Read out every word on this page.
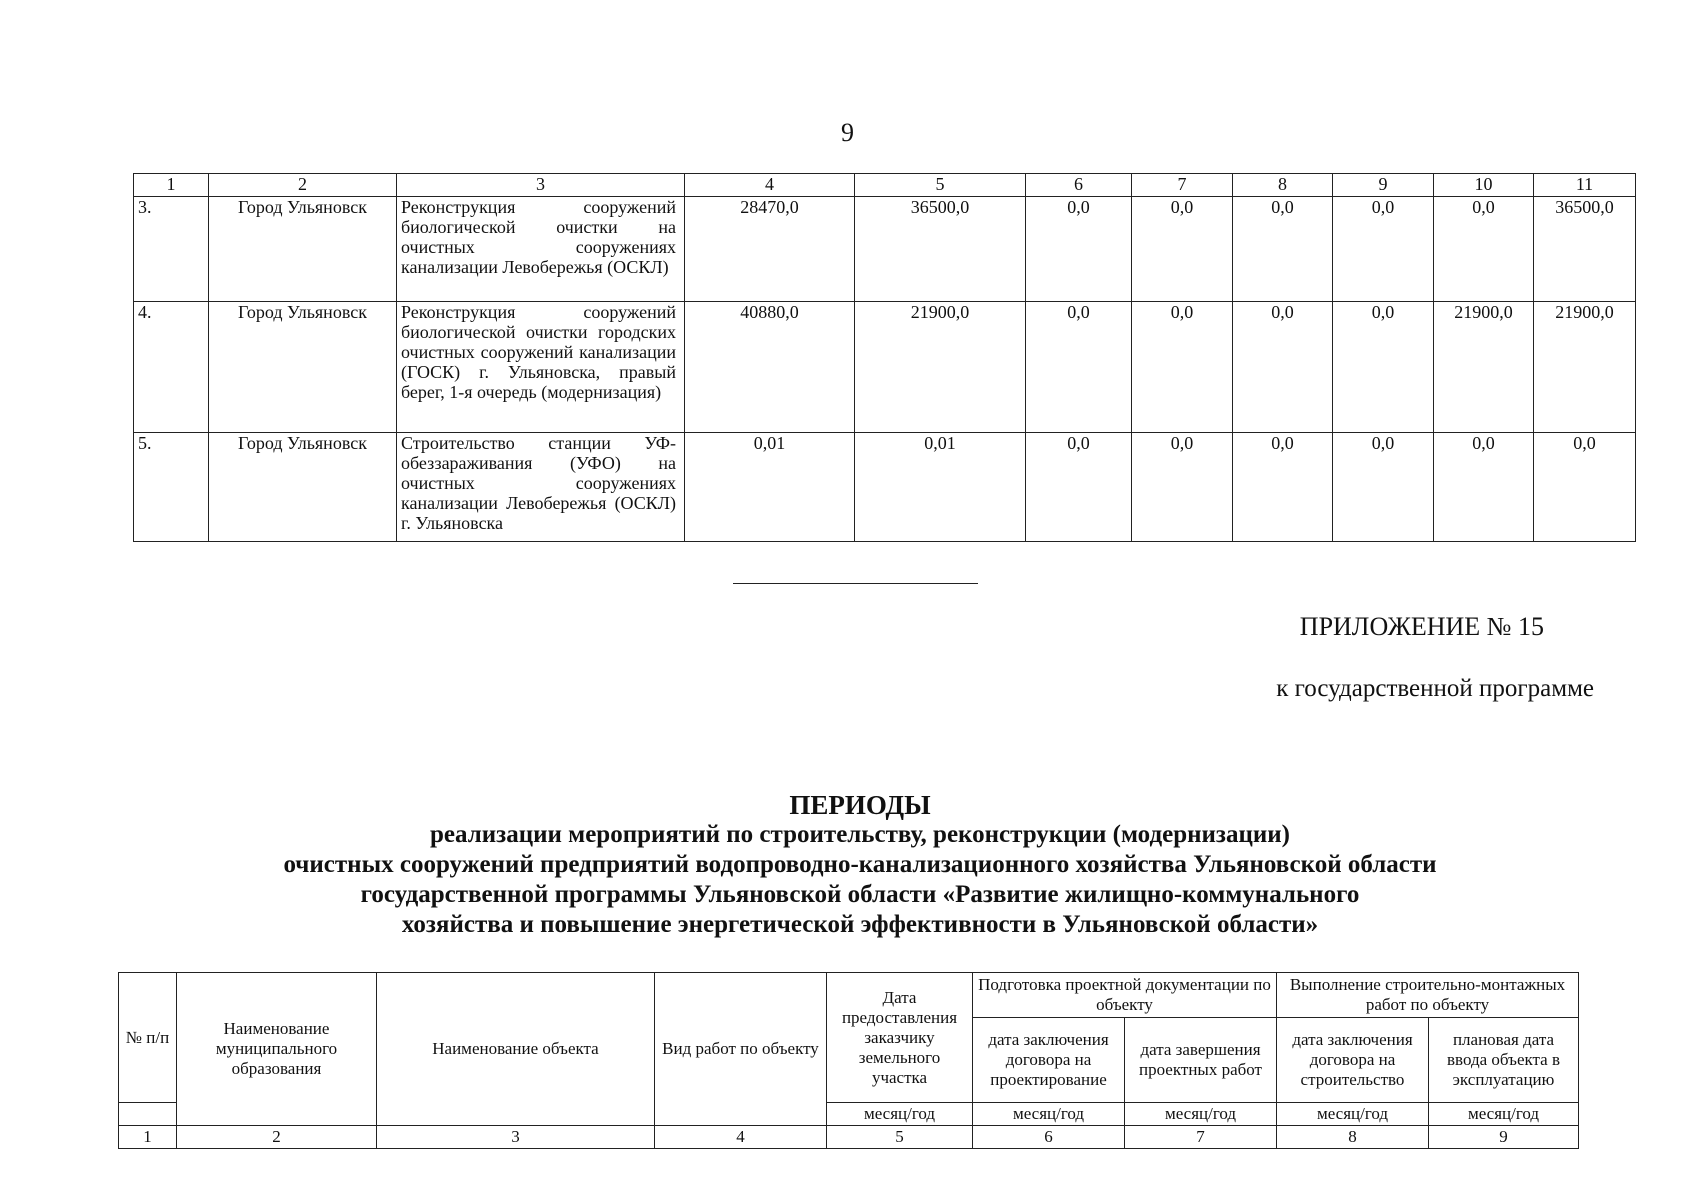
9
1	2	3	4	5	6	7	8	9	10	11
3.	Город Ульяновск	Реконструкция сооружений биологической очистки на очистных сооружениях канализации Левобережья (ОСКЛ)	28470,0	36500,0	0,0	0,0	0,0	0,0	0,0	36500,0
4.	Город Ульяновск	Реконструкция сооружений биологической очистки городских очистных сооружений канализации (ГОСК) г. Ульяновска, правый берег, 1-я очередь (модернизация)	40880,0	21900,0	0,0	0,0	0,0	0,0	21900,0	21900,0
5.	Город Ульяновск	Строительство станции УФ-обеззараживания (УФО) на очистных сооружениях канализации Левобережья (ОСКЛ) г. Ульяновска	0,01	0,01	0,0	0,0	0,0	0,0	0,0	0,0
ПРИЛОЖЕНИЕ № 15
к государственной программе
ПЕРИОДЫ
реализации мероприятий по строительству, реконструкции (модернизации)
очистных сооружений предприятий водопроводно-канализационного хозяйства Ульяновской области
государственной программы Ульяновской области «Развитие жилищно-коммунального
хозяйства и повышение энергетической эффективности в Ульяновской области»
№ п/п	Наименование муниципального образования	Наименование объекта	Вид работ по объекту	Дата предоставления заказчику земельного участка	Подготовка проектной документации по объекту		Выполнение строительно-монтажных работ по объекту	
					дата заключения договора на проектирование	дата завершения проектных работ	дата заключения договора на строительство	плановая дата ввода объекта в эксплуатацию
				месяц/год	месяц/год	месяц/год	месяц/год	месяц/год
1	2	3	4	5	6	7	8	9
